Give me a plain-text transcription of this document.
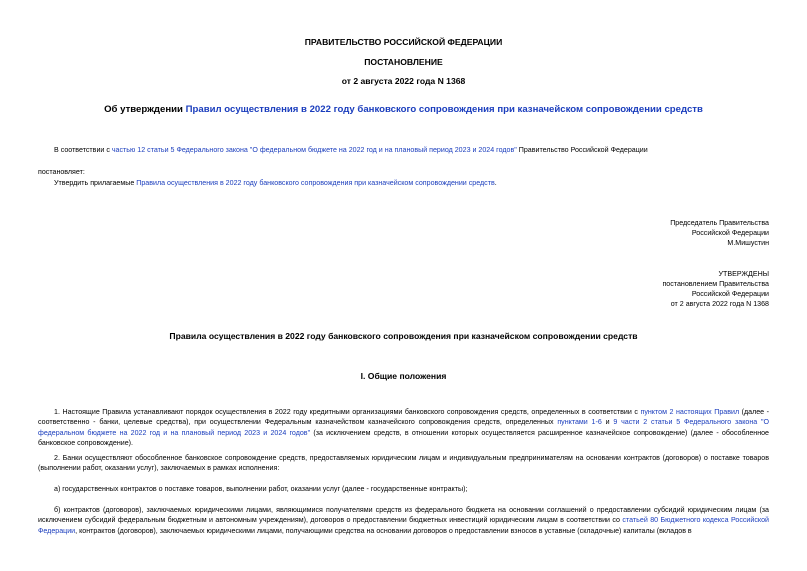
ПРАВИТЕЛЬСТВО РОССИЙСКОЙ ФЕДЕРАЦИИ
ПОСТАНОВЛЕНИЕ
от 2 августа 2022 года N 1368
Об утверждении Правил осуществления в 2022 году банковского сопровождения при казначейском сопровождении средств
В соответствии с частью 12 статьи 5 Федерального закона "О федеральном бюджете на 2022 год и на плановый период 2023 и 2024 годов" Правительство Российской Федерации
постановляет:
Утвердить прилагаемые Правила осуществления в 2022 году банковского сопровождения при казначейском сопровождении средств.
Председатель Правительства
Российской Федерации
М.Мишустин
УТВЕРЖДЕНЫ
постановлением Правительства
Российской Федерации
от 2 августа 2022 года N 1368
Правила осуществления в 2022 году банковского сопровождения при казначейском сопровождении средств
I. Общие положения
1. Настоящие Правила устанавливают порядок осуществления в 2022 году кредитными организациями банковского сопровождения средств, определенных в соответствии с пунктом 2 настоящих Правил (далее - соответственно - банки, целевые средства), при осуществлении Федеральным казначейством казначейского сопровождения средств, определенных пунктами 1-6 и 9 части 2 статьи 5 Федерального закона "О федеральном бюджете на 2022 год и на плановый период 2023 и 2024 годов" (за исключением средств, в отношении которых осуществляется расширенное казначейское сопровождение) (далее - обособленное банковское сопровождение).
2. Банки осуществляют обособленное банковское сопровождение средств, предоставляемых юридическим лицам и индивидуальным предпринимателям на основании контрактов (договоров) о поставке товаров (выполнении работ, оказании услуг), заключаемых в рамках исполнения:
а) государственных контрактов о поставке товаров, выполнении работ, оказании услуг (далее - государственные контракты);
б) контрактов (договоров), заключаемых юридическими лицами, являющимися получателями средств из федерального бюджета на основании соглашений о предоставлении субсидий юридическим лицам (за исключением субсидий федеральным бюджетным и автономным учреждениям), договоров о предоставлении бюджетных инвестиций юридическим лицам в соответствии со статьей 80 Бюджетного кодекса Российской Федерации, контрактов (договоров), заключаемых юридическими лицами, получающими средства на основании договоров о предоставлении взносов в уставные (складочные) капиталы (вкладов в
